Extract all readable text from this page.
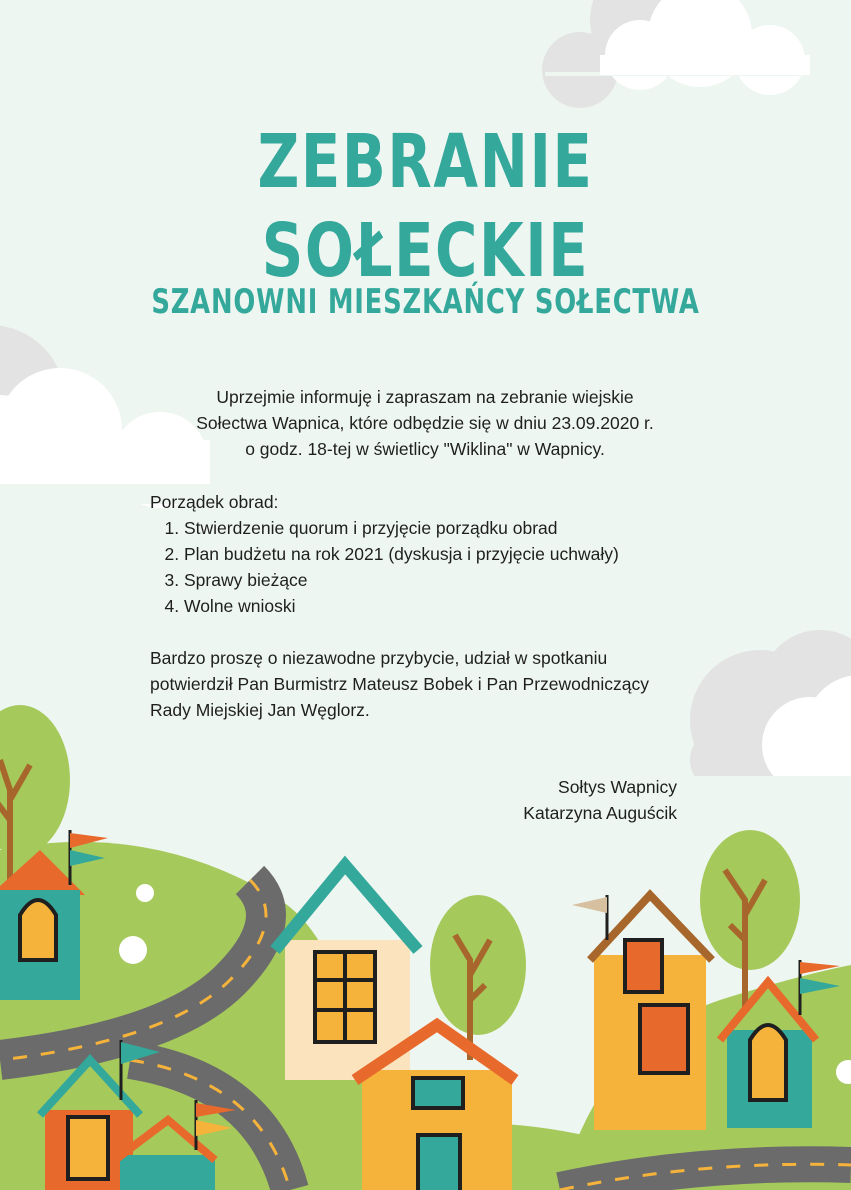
ZEBRANIE SOŁECKIE
SZANOWNI MIESZKAŃCY SOŁECTWA
Uprzejmie informuję i zapraszam na zebranie wiejskie
Sołectwa Wapnica, które odbędzie się w dniu 23.09.2020 r.
o godz. 18-tej w świetlicy "Wiklina" w Wapnicy.
Porządek obrad:
1. Stwierdzenie quorum i przyjęcie porządku obrad
2. Plan budżetu na rok 2021 (dyskusja i przyjęcie uchwały)
3. Sprawy bieżące
4. Wolne wnioski
Bardzo proszę o niezawodne przybycie, udział w spotkaniu
potwierdził Pan Burmistrz Mateusz Bobek i Pan Przewodniczący
Rady Miejskiej Jan Węglorz.
Sołtys Wapnicy
Katarzyna Auguścik
